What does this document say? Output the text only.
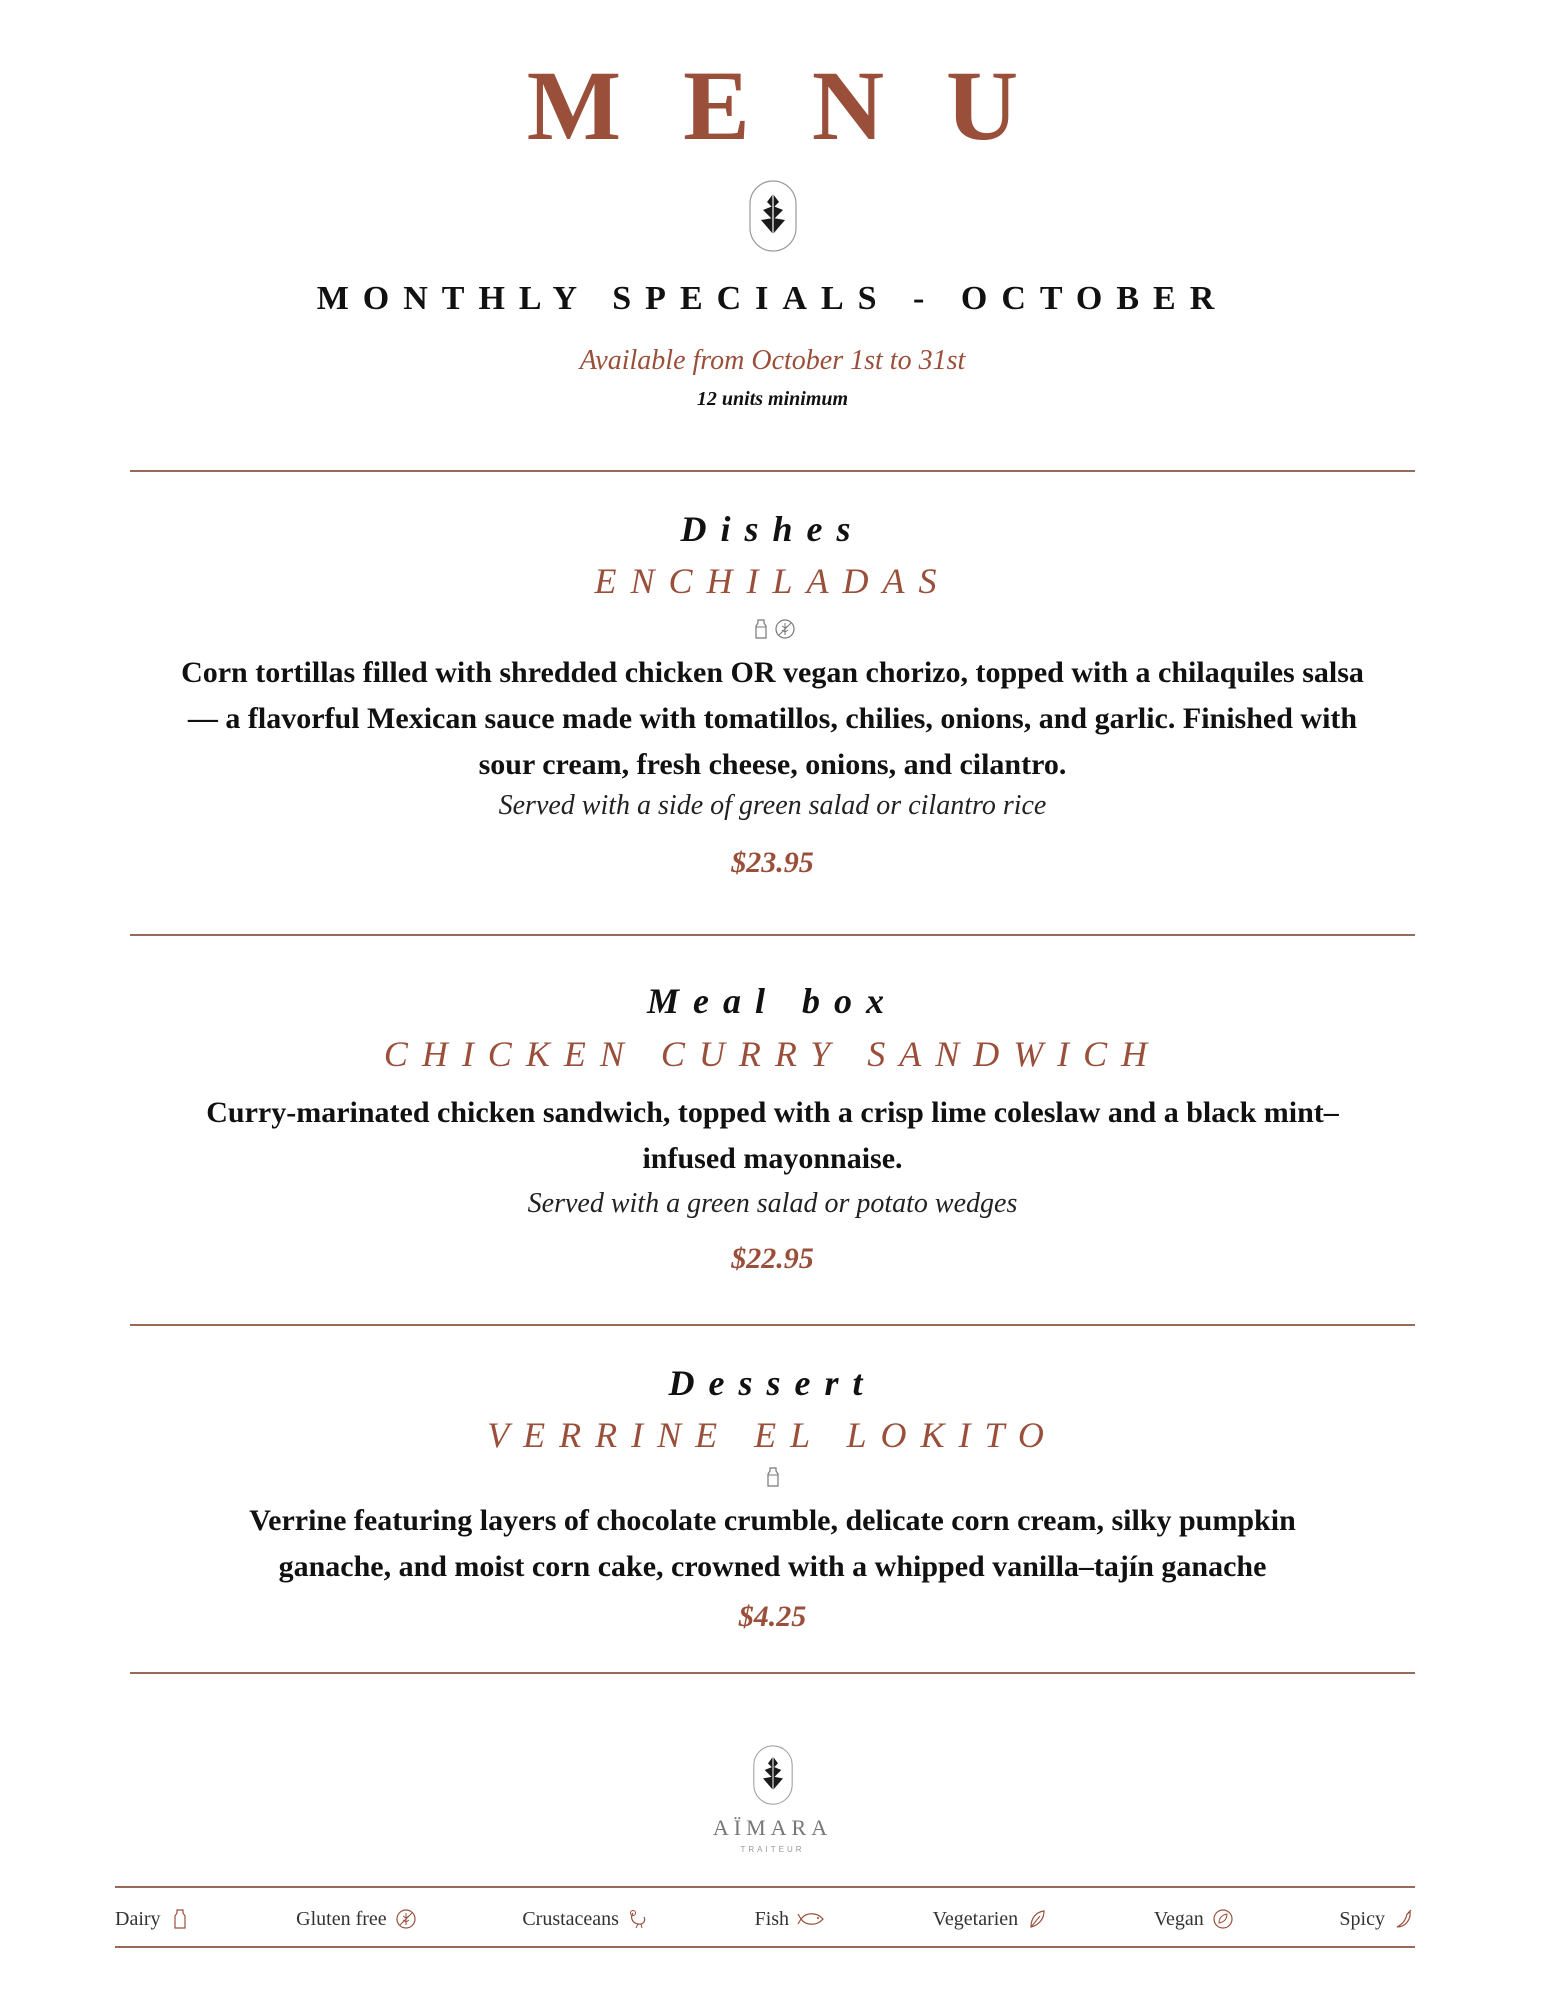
MENU
MONTHLY SPECIALS - OCTOBER
Available from October 1st to 31st
12 units minimum
Dishes
ENCHILADAS
Corn tortillas filled with shredded chicken OR vegan chorizo, topped with a chilaquiles salsa — a flavorful Mexican sauce made with tomatillos, chilies, onions, and garlic. Finished with sour cream, fresh cheese, onions, and cilantro.
Served with a side of green salad or cilantro rice
$23.95
Meal box
CHICKEN CURRY SANDWICH
Curry-marinated chicken sandwich, topped with a crisp lime coleslaw and a black mint–infused mayonnaise.
Served with a green salad or potato wedges
$22.95
Dessert
VERRINE EL LOKITO
Verrine featuring layers of chocolate crumble, delicate corn cream, silky pumpkin ganache, and moist corn cake, crowned with a whipped vanilla–tajín ganache
$4.25
AÏMARA
TRAITEUR
Dairy	Gluten free	Crustaceans	Fish	Vegetarien	Vegan	Spicy
